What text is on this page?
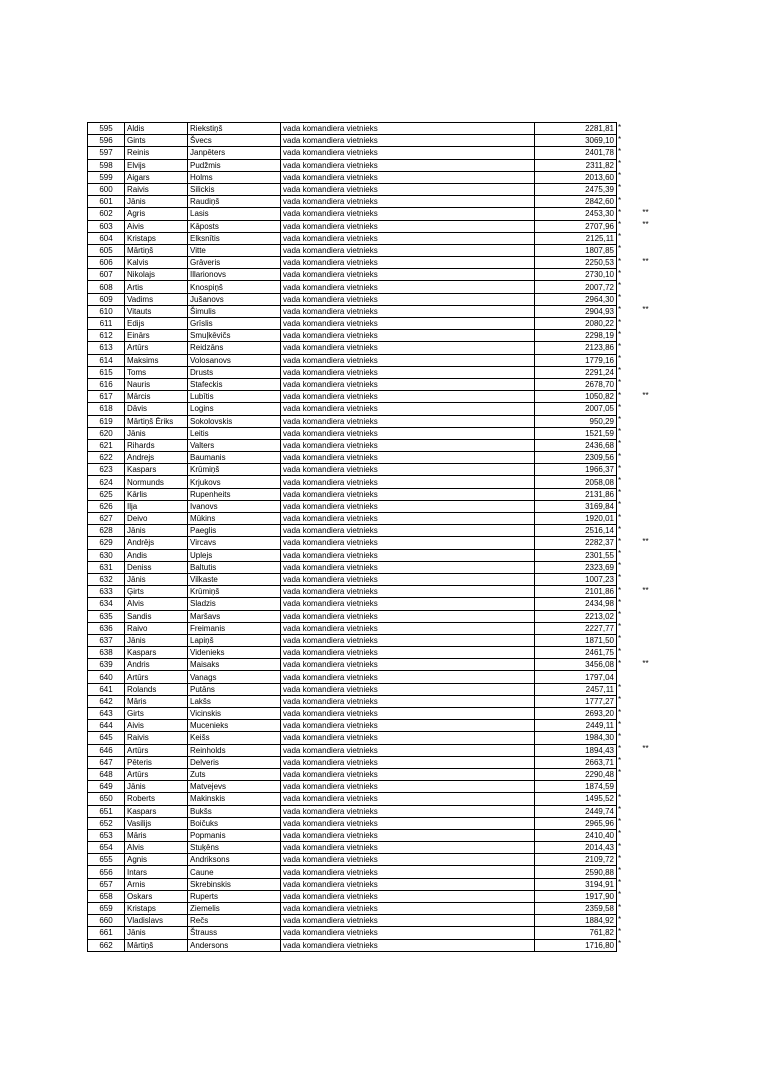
595	Aldis	Riekstiņš	vada komandiera vietnieks	2281,81	*	
596	Gints	Švecs	vada komandiera vietnieks	3069,10	*	
597	Reinis	Janpēters	vada komandiera vietnieks	2401,78	*	
598	Elvijs	Pudžmis	vada komandiera vietnieks	2311,82	*	
599	Aigars	Holms	vada komandiera vietnieks	2013,60	*	
600	Raivis	Silickis	vada komandiera vietnieks	2475,39	*	
601	Jānis	Raudiņš	vada komandiera vietnieks	2842,60	*	
602	Agris	Lasis	vada komandiera vietnieks	2453,30	*	**
603	Aivis	Kāposts	vada komandiera vietnieks	2707,96	*	**
604	Kristaps	Elksnītis	vada komandiera vietnieks	2125,11	*	
605	Mārtiņš	Vitte	vada komandiera vietnieks	1807,85	*	
606	Kalvis	Grāveris	vada komandiera vietnieks	2250,53	*	**
607	Nikolajs	Illarionovs	vada komandiera vietnieks	2730,10	*	
608	Artis	Knospiņš	vada komandiera vietnieks	2007,72	*	
609	Vadims	Jušanovs	vada komandiera vietnieks	2964,30	*	
610	Vitauts	Šimulis	vada komandiera vietnieks	2904,93	*	**
611	Edijs	Grīslis	vada komandiera vietnieks	2080,22	*	
612	Einārs	Smuļkēvičs	vada komandiera vietnieks	2298,19	*	
613	Artūrs	Reidzāns	vada komandiera vietnieks	2123,86	*	
614	Maksims	Volosanovs	vada komandiera vietnieks	1779,16	*	
615	Toms	Drusts	vada komandiera vietnieks	2291,24	*	
616	Nauris	Stafeckis	vada komandiera vietnieks	2678,70	*	
617	Mārcis	Lubītis	vada komandiera vietnieks	1050,82	*	**
618	Dāvis	Logins	vada komandiera vietnieks	2007,05	*	
619	Mārtiņš Ēriks	Sokolovskis	vada komandiera vietnieks	950,29	*	
620	Jānis	Leitis	vada komandiera vietnieks	1521,59	*	
621	Rihards	Valters	vada komandiera vietnieks	2436,68	*	
622	Andrejs	Baumanis	vada komandiera vietnieks	2309,56	*	
623	Kaspars	Krūmiņš	vada komandiera vietnieks	1966,37	*	
624	Normunds	Krjukovs	vada komandiera vietnieks	2058,08	*	
625	Kārlis	Rupenheits	vada komandiera vietnieks	2131,86	*	
626	Ilja	Ivanovs	vada komandiera vietnieks	3169,84	*	
627	Deivo	Mūkins	vada komandiera vietnieks	1920,01	*	
628	Jānis	Paeglis	vada komandiera vietnieks	2516,14	*	
629	Andrējs	Vircavs	vada komandiera vietnieks	2282,37	*	**
630	Andis	Uplejs	vada komandiera vietnieks	2301,55	*	
631	Deniss	Baltutis	vada komandiera vietnieks	2323,69	*	
632	Jānis	Vilkaste	vada komandiera vietnieks	1007,23	*	
633	Ģirts	Krūmiņš	vada komandiera vietnieks	2101,86	*	**
634	Alvis	Sladzis	vada komandiera vietnieks	2434,98	*	
635	Sandis	Maršavs	vada komandiera vietnieks	2213,02	*	
636	Raivo	Freimanis	vada komandiera vietnieks	2227,77	*	
637	Jānis	Lapiņš	vada komandiera vietnieks	1871,50	*	
638	Kaspars	Videnieks	vada komandiera vietnieks	2461,75	*	
639	Andris	Maisaks	vada komandiera vietnieks	3456,08	*	**
640	Artūrs	Vanags	vada komandiera vietnieks	1797,04		
641	Rolands	Putāns	vada komandiera vietnieks	2457,11	*	
642	Māris	Lakšs	vada komandiera vietnieks	1777,27	*	
643	Girts	Vicinskis	vada komandiera vietnieks	2693,20	*	
644	Aivis	Mucenieks	vada komandiera vietnieks	2449,11	*	
645	Raivis	Keišs	vada komandiera vietnieks	1984,30	*	
646	Artūrs	Reinholds	vada komandiera vietnieks	1894,43	*	**
647	Pēteris	Delveris	vada komandiera vietnieks	2663,71	*	
648	Artūrs	Zuts	vada komandiera vietnieks	2290,48	*	
649	Jānis	Matvejevs	vada komandiera vietnieks	1874,59		
650	Roberts	Makinskis	vada komandiera vietnieks	1495,52	*	
651	Kaspars	Bukšs	vada komandiera vietnieks	2449,74	*	
652	Vasilijs	Boičuks	vada komandiera vietnieks	2965,96	*	
653	Māris	Popmanis	vada komandiera vietnieks	2410,40	*	
654	Alvis	Stuķēns	vada komandiera vietnieks	2014,43	*	
655	Agnis	Andriksons	vada komandiera vietnieks	2109,72	*	
656	Intars	Caune	vada komandiera vietnieks	2590,88	*	
657	Arnis	Skrebinskis	vada komandiera vietnieks	3194,91	*	
658	Oskars	Ruperts	vada komandiera vietnieks	1917,90	*	
659	Kristaps	Ziemelis	vada komandiera vietnieks	2359,58	*	
660	Vladislavs	Rečs	vada komandiera vietnieks	1884,92	*	
661	Jānis	Štrauss	vada komandiera vietnieks	761,82	*	
662	Mārtiņš	Andersons	vada komandiera vietnieks	1716,80	*	
